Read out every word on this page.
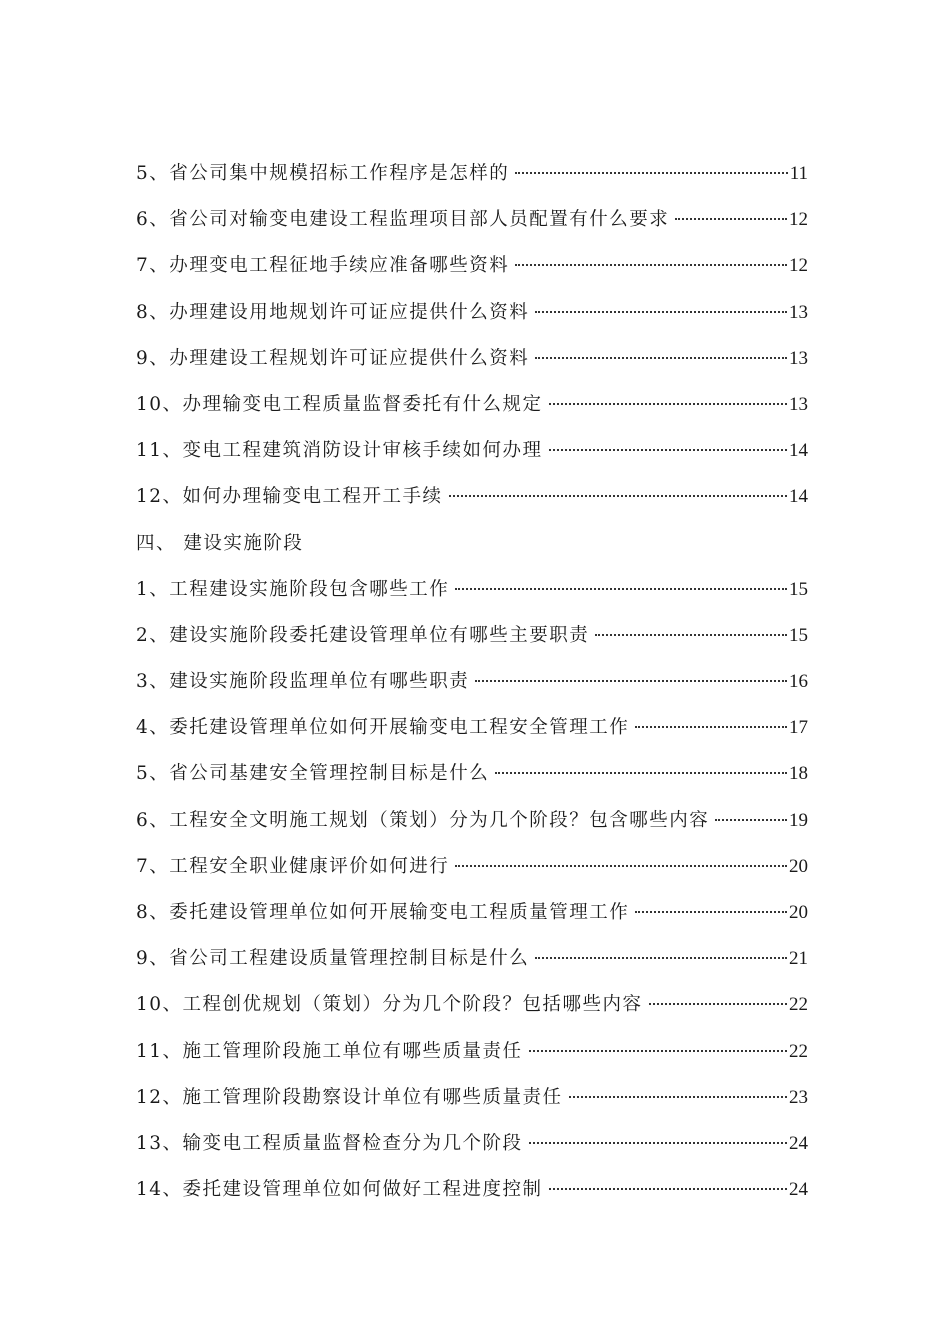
5、 省公司集中规模招标工作程序是怎样的	11
6、 省公司对输变电建设工程监理项目部人员配置有什么要求	12
7、 办理变电工程征地手续应准备哪些资料	12
8、 办理建设用地规划许可证应提供什么资料	13
9、 办理建设工程规划许可证应提供什么资料	13
10、 办理输变电工程质量监督委托有什么规定	13
11、 变电工程建筑消防设计审核手续如何办理	14
12、 如何办理输变电工程开工手续	14
四、 建设实施阶段
1、 工程建设实施阶段包含哪些工作	15
2、 建设实施阶段委托建设管理单位有哪些主要职责	15
3、 建设实施阶段监理单位有哪些职责	16
4、 委托建设管理单位如何开展输变电工程安全管理工作	17
5、 省公司基建安全管理控制目标是什么	18
6、 工程安全文明施工规划（策划）分为几个阶段？包含哪些内容	19
7、 工程安全职业健康评价如何进行	20
8、 委托建设管理单位如何开展输变电工程质量管理工作	20
9、 省公司工程建设质量管理控制目标是什么	21
10、 工程创优规划（策划）分为几个阶段？包括哪些内容	22
11、 施工管理阶段施工单位有哪些质量责任	22
12、 施工管理阶段勘察设计单位有哪些质量责任	23
13、 输变电工程质量监督检查分为几个阶段	24
14、 委托建设管理单位如何做好工程进度控制	24
